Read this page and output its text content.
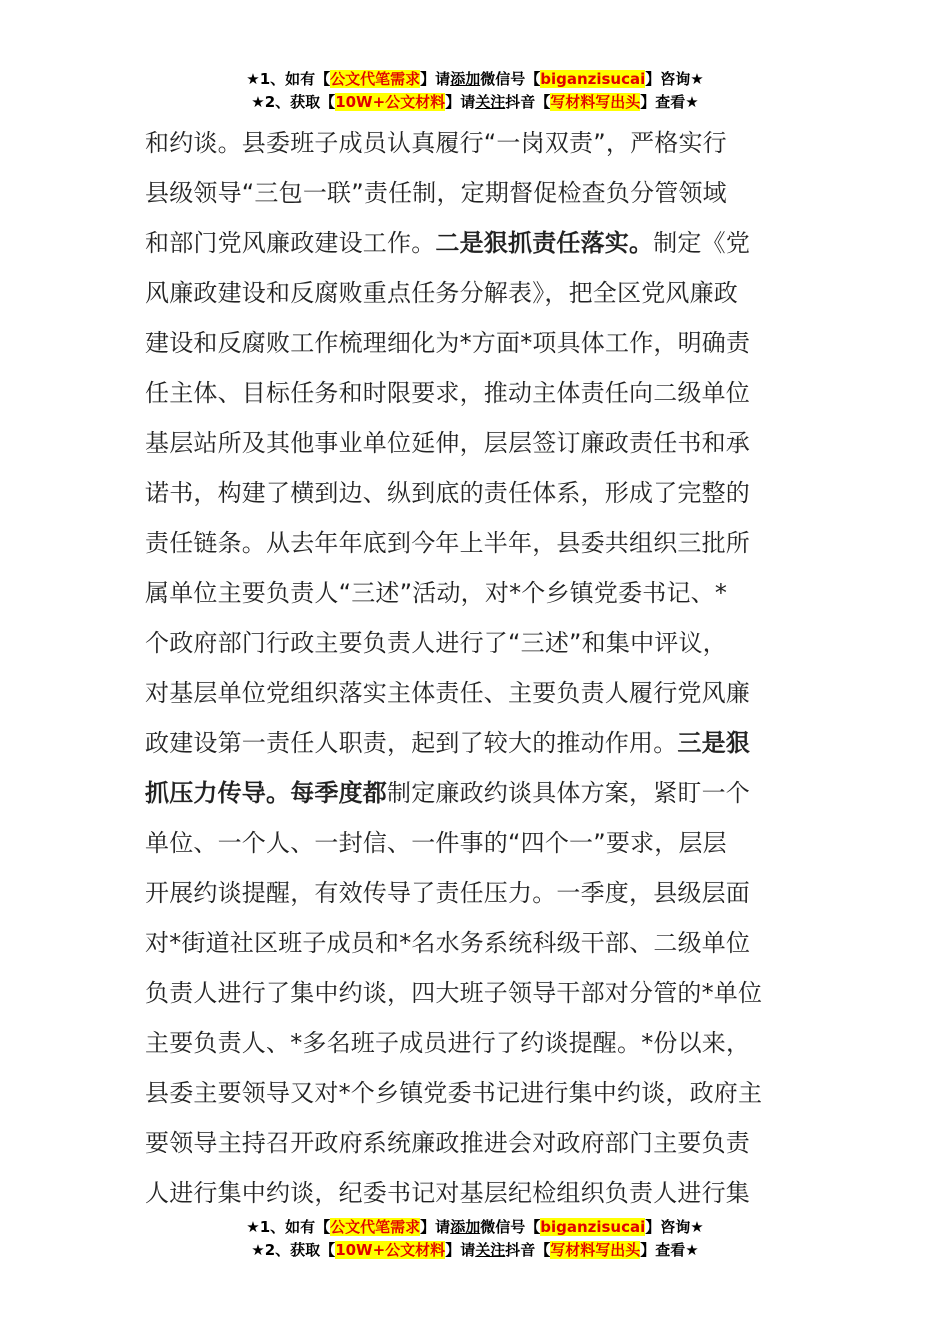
★1、如有【公文代笔需求】请添加微信号【biganzisucai】咨询★
★2、获取【10W+公文材料】请关注抖音【写材料写出头】查看★
和约谈。县委班子成员认真履行“一岗双责”，严格实行
县级领导“三包一联”责任制，定期督促检查负分管领域
和部门党风廉政建设工作。二是狠抓责任落实。制定《党
风廉政建设和反腐败重点任务分解表》，把全区党风廉政
建设和反腐败工作梳理细化为*方面*项具体工作，明确责
任主体、目标任务和时限要求，推动主体责任向二级单位
基层站所及其他事业单位延伸，层层签订廉政责任书和承
诺书，构建了横到边、纵到底的责任体系，形成了完整的
责任链条。从去年年底到今年上半年，县委共组织三批所
属单位主要负责人“三述”活动，对*个乡镇党委书记、*
个政府部门行政主要负责人进行了“三述”和集中评议，
对基层单位党组织落实主体责任、主要负责人履行党风廉
政建设第一责任人职责，起到了较大的推动作用。三是狠
抓压力传导。每季度都制定廉政约谈具体方案，紧盯一个
单位、一个人、一封信、一件事的“四个一”要求，层层
开展约谈提醒，有效传导了责任压力。一季度，县级层面
对*街道社区班子成员和*名水务系统科级干部、二级单位
负责人进行了集中约谈，四大班子领导干部对分管的*单位
主要负责人、*多名班子成员进行了约谈提醒。*份以来，
县委主要领导又对*个乡镇党委书记进行集中约谈，政府主
要领导主持召开政府系统廉政推进会对政府部门主要负责
人进行集中约谈，纪委书记对基层纪检组织负责人进行集
★1、如有【公文代笔需求】请添加微信号【biganzisucai】咨询★
★2、获取【10W+公文材料】请关注抖音【写材料写出头】查看★
